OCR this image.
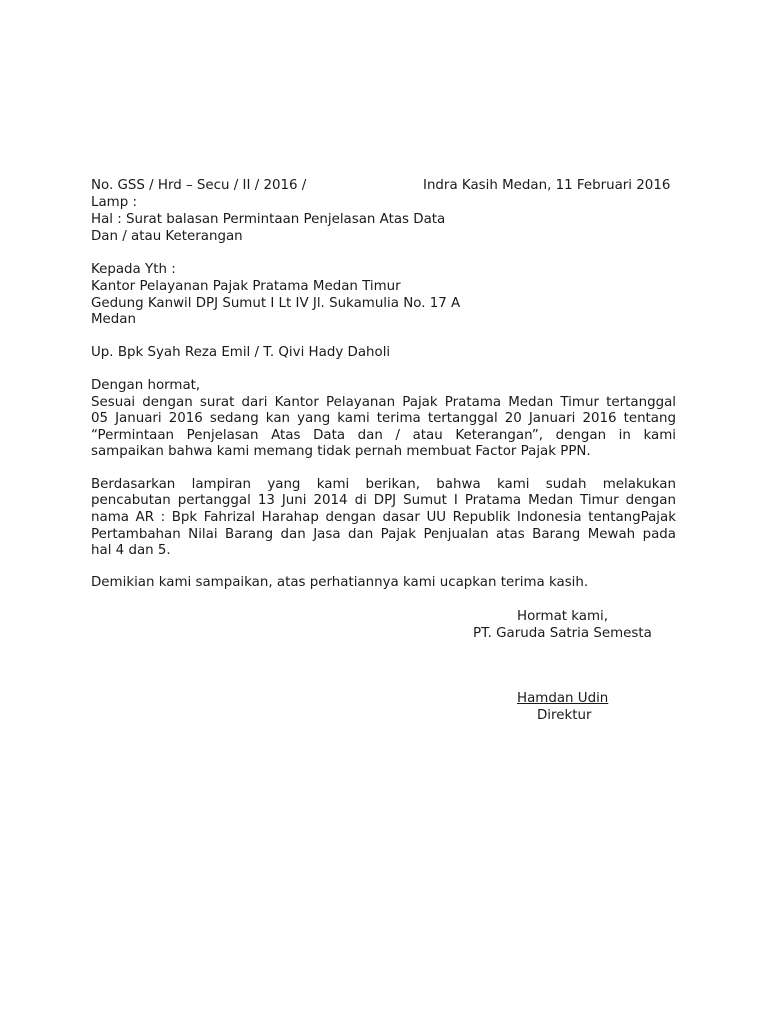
No. GSS / Hrd – Secu / II / 2016 /	Indra Kasih Medan, 11 Februari 2016
Lamp :
Hal : Surat balasan Permintaan Penjelasan Atas Data
Dan / atau Keterangan
Kepada Yth :
Kantor Pelayanan Pajak Pratama Medan Timur
Gedung Kanwil DPJ Sumut I Lt IV Jl. Sukamulia No. 17 A
Medan
Up. Bpk Syah Reza Emil / T. Qivi Hady Daholi
Dengan hormat,
Sesuai dengan surat dari Kantor Pelayanan Pajak Pratama Medan Timur tertanggal
05 Januari 2016 sedang kan yang kami terima tertanggal 20 Januari 2016 tentang
“Permintaan Penjelasan Atas Data dan / atau Keterangan”, dengan in kami
sampaikan bahwa kami memang tidak pernah membuat Factor Pajak PPN.
Berdasarkan lampiran yang kami berikan, bahwa kami sudah melakukan
pencabutan pertanggal 13 Juni 2014 di DPJ Sumut I Pratama Medan Timur dengan
nama AR : Bpk Fahrizal Harahap dengan dasar UU Republik Indonesia tentangPajak
Pertambahan Nilai Barang dan Jasa dan Pajak Penjualan atas Barang Mewah pada
hal 4 dan 5.
Demikian kami sampaikan, atas perhatiannya kami ucapkan terima kasih.
Hormat kami,
PT. Garuda Satria Semesta
Hamdan Udin
Direktur
